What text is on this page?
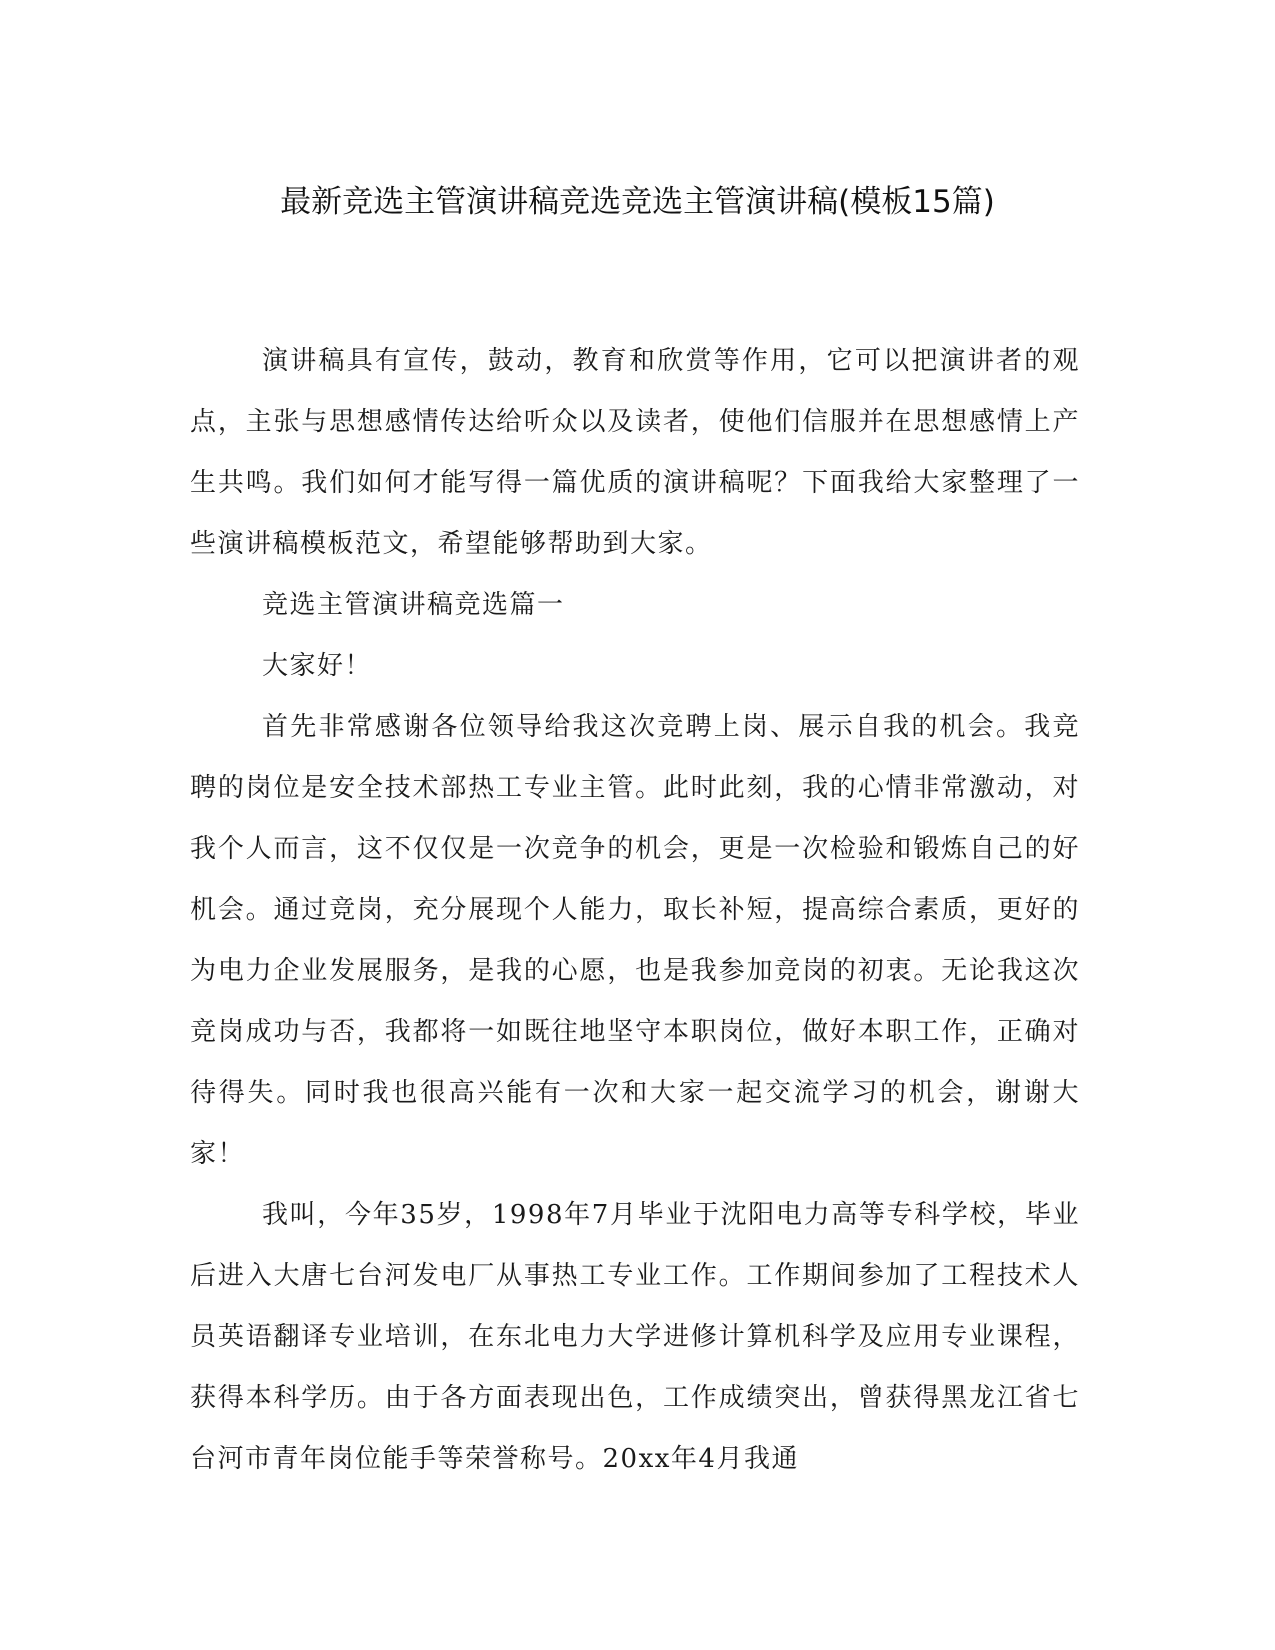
最新竞选主管演讲稿竞选竞选主管演讲稿(模板15篇)

演讲稿具有宣传，鼓动，教育和欣赏等作用，它可以把演讲者的观点，主张与思想感情传达给听众以及读者，使他们信服并在思想感情上产生共鸣。我们如何才能写得一篇优质的演讲稿呢？下面我给大家整理了一些演讲稿模板范文，希望能够帮助到大家。

竞选主管演讲稿竞选篇一

大家好！

首先非常感谢各位领导给我这次竞聘上岗、展示自我的机会。我竞聘的岗位是安全技术部热工专业主管。此时此刻，我的心情非常激动，对我个人而言，这不仅仅是一次竞争的机会，更是一次检验和锻炼自己的好机会。通过竞岗，充分展现个人能力，取长补短，提高综合素质，更好的为电力企业发展服务，是我的心愿，也是我参加竞岗的初衷。无论我这次竞岗成功与否，我都将一如既往地坚守本职岗位，做好本职工作，正确对待得失。同时我也很高兴能有一次和大家一起交流学习的机会，谢谢大家！

我叫，今年35岁，1998年7月毕业于沈阳电力高等专科学校，毕业后进入大唐七台河发电厂从事热工专业工作。工作期间参加了工程技术人员英语翻译专业培训，在东北电力大学进修计算机科学及应用专业课程，获得本科学历。由于各方面表现出色，工作成绩突出，曾获得黑龙江省七台河市青年岗位能手等荣誉称号。20xx年4月我通
